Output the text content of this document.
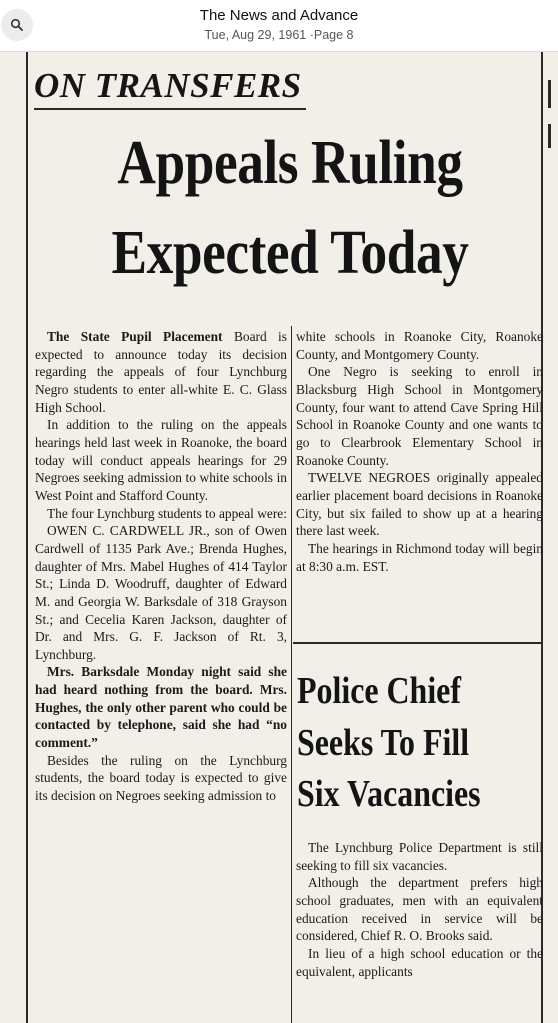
The News and Advance
Tue, Aug 29, 1961 ·Page 8
ON TRANSFERS
Appeals Ruling
Expected Today

The State Pupil Placement Board is expected to announce today its decision regarding the appeals of four Lynchburg Negro students to enter all-white E. C. Glass High School.

In addition to the ruling on the appeals hearings held last week in Roanoke, the board today will conduct appeals hearings for 29 Negroes seeking admission to white schools in West Point and Stafford County.

The four Lynchburg students to appeal were:

OWEN C. CARDWELL JR., son of Owen Cardwell of 1135 Park Ave.; Brenda Hughes, daughter of Mrs. Mabel Hughes of 414 Taylor St.; Linda D. Woodruff, daughter of Edward M. and Georgia W. Barksdale of 318 Grayson St.; and Cecelia Karen Jackson, daughter of Dr. and Mrs. G. F. Jackson of Rt. 3, Lynchburg.

Mrs. Barksdale Monday night said she had heard nothing from the board. Mrs. Hughes, the only other parent who could be contacted by telephone, said she had “no comment.”

Besides the ruling on the Lynchburg students, the board today is expected to give its decision on Negroes seeking admission to

white schools in Roanoke City, Roanoke County, and Montgomery County.

One Negro is seeking to enroll in Blacksburg High School in Montgomery County, four want to attend Cave Spring Hill School in Roanoke County and one wants to go to Clearbrook Elementary School in Roanoke County.

TWELVE NEGROES originally appealed earlier placement board decisions in Roanoke City, but six failed to show up at a hearing there last week.

The hearings in Richmond today will begin at 8:30 a.m. EST.

Police Chief
Seeks To Fill
Six Vacancies

The Lynchburg Police Department is still seeking to fill six vacancies.

Although the department prefers high school graduates, men with an equivalent education received in service will be considered, Chief R. O. Brooks said.

In lieu of a high school education or the equivalent, applicants
